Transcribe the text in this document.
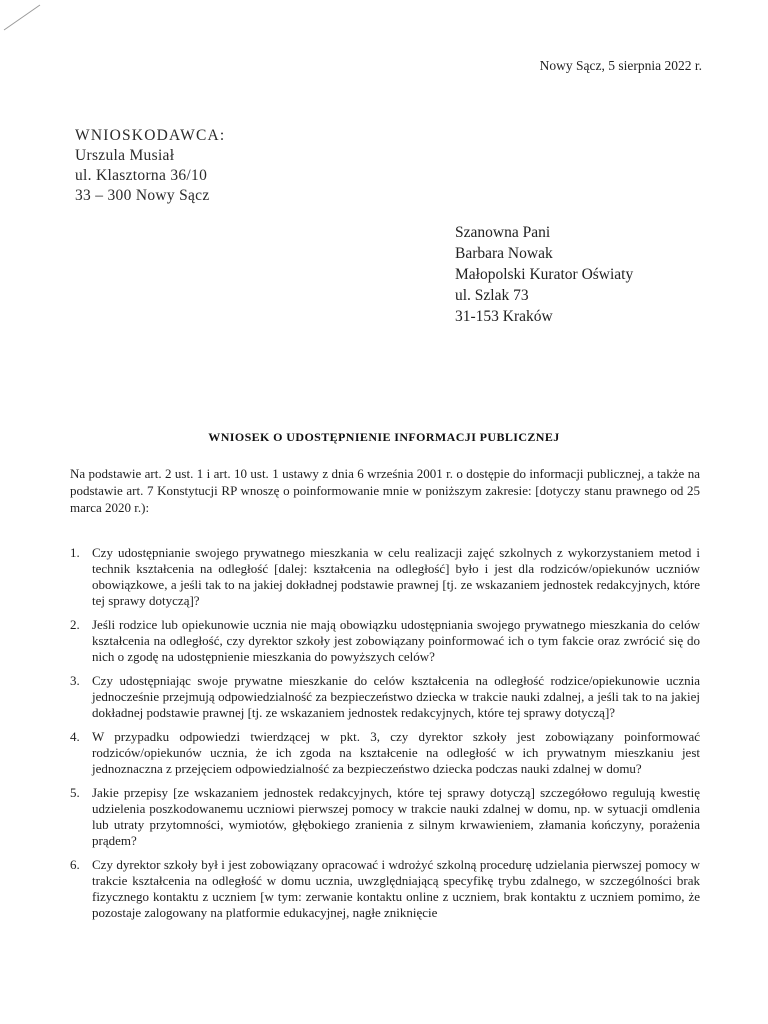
Nowy Sącz, 5 sierpnia 2022 r.
WNIOSKODAWCA:
Urszula Musiał
ul. Klasztorna 36/10
33 – 300 Nowy Sącz
Szanowna Pani
Barbara Nowak
Małopolski Kurator Oświaty
ul. Szlak 73
31-153 Kraków
WNIOSEK O UDOSTĘPNIENIE INFORMACJI PUBLICZNEJ
Na podstawie art. 2 ust. 1 i art. 10 ust. 1 ustawy z dnia 6 września 2001 r. o dostępie do informacji publicznej, a także na podstawie art. 7 Konstytucji RP wnoszę o poinformowanie mnie w poniższym zakresie: [dotyczy stanu prawnego od 25 marca 2020 r.):
1. Czy udostępnianie swojego prywatnego mieszkania w celu realizacji zajęć szkolnych z wykorzystaniem metod i technik kształcenia na odległość [dalej: kształcenia na odległość] było i jest dla rodziców/opiekunów uczniów obowiązkowe, a jeśli tak to na jakiej dokładnej podstawie prawnej [tj. ze wskazaniem jednostek redakcyjnych, które tej sprawy dotyczą]?
2. Jeśli rodzice lub opiekunowie ucznia nie mają obowiązku udostępniania swojego prywatnego mieszkania do celów kształcenia na odległość, czy dyrektor szkoły jest zobowiązany poinformować ich o tym fakcie oraz zwrócić się do nich o zgodę na udostępnienie mieszkania do powyższych celów?
3. Czy udostępniając swoje prywatne mieszkanie do celów kształcenia na odległość rodzice/opiekunowie ucznia jednocześnie przejmują odpowiedzialność za bezpieczeństwo dziecka w trakcie nauki zdalnej, a jeśli tak to na jakiej dokładnej podstawie prawnej [tj. ze wskazaniem jednostek redakcyjnych, które tej sprawy dotyczą]?
4. W przypadku odpowiedzi twierdzącej w pkt. 3, czy dyrektor szkoły jest zobowiązany poinformować rodziców/opiekunów ucznia, że ich zgoda na kształcenie na odległość w ich prywatnym mieszkaniu jest jednoznaczna z przejęciem odpowiedzialność za bezpieczeństwo dziecka podczas nauki zdalnej w domu?
5. Jakie przepisy [ze wskazaniem jednostek redakcyjnych, które tej sprawy dotyczą] szczegółowo regulują kwestię udzielenia poszkodowanemu uczniowi pierwszej pomocy w trakcie nauki zdalnej w domu, np. w sytuacji omdlenia lub utraty przytomności, wymiotów, głębokiego zranienia z silnym krwawieniem, złamania kończyny, porażenia prądem?
6. Czy dyrektor szkoły był i jest zobowiązany opracować i wdrożyć szkolną procedurę udzielania pierwszej pomocy w trakcie kształcenia na odległość w domu ucznia, uwzględniającą specyfikę trybu zdalnego, w szczególności brak fizycznego kontaktu z uczniem [w tym: zerwanie kontaktu online z uczniem, brak kontaktu z uczniem pomimo, że pozostaje zalogowany na platformie edukacyjnej, nagłe zniknięcie
